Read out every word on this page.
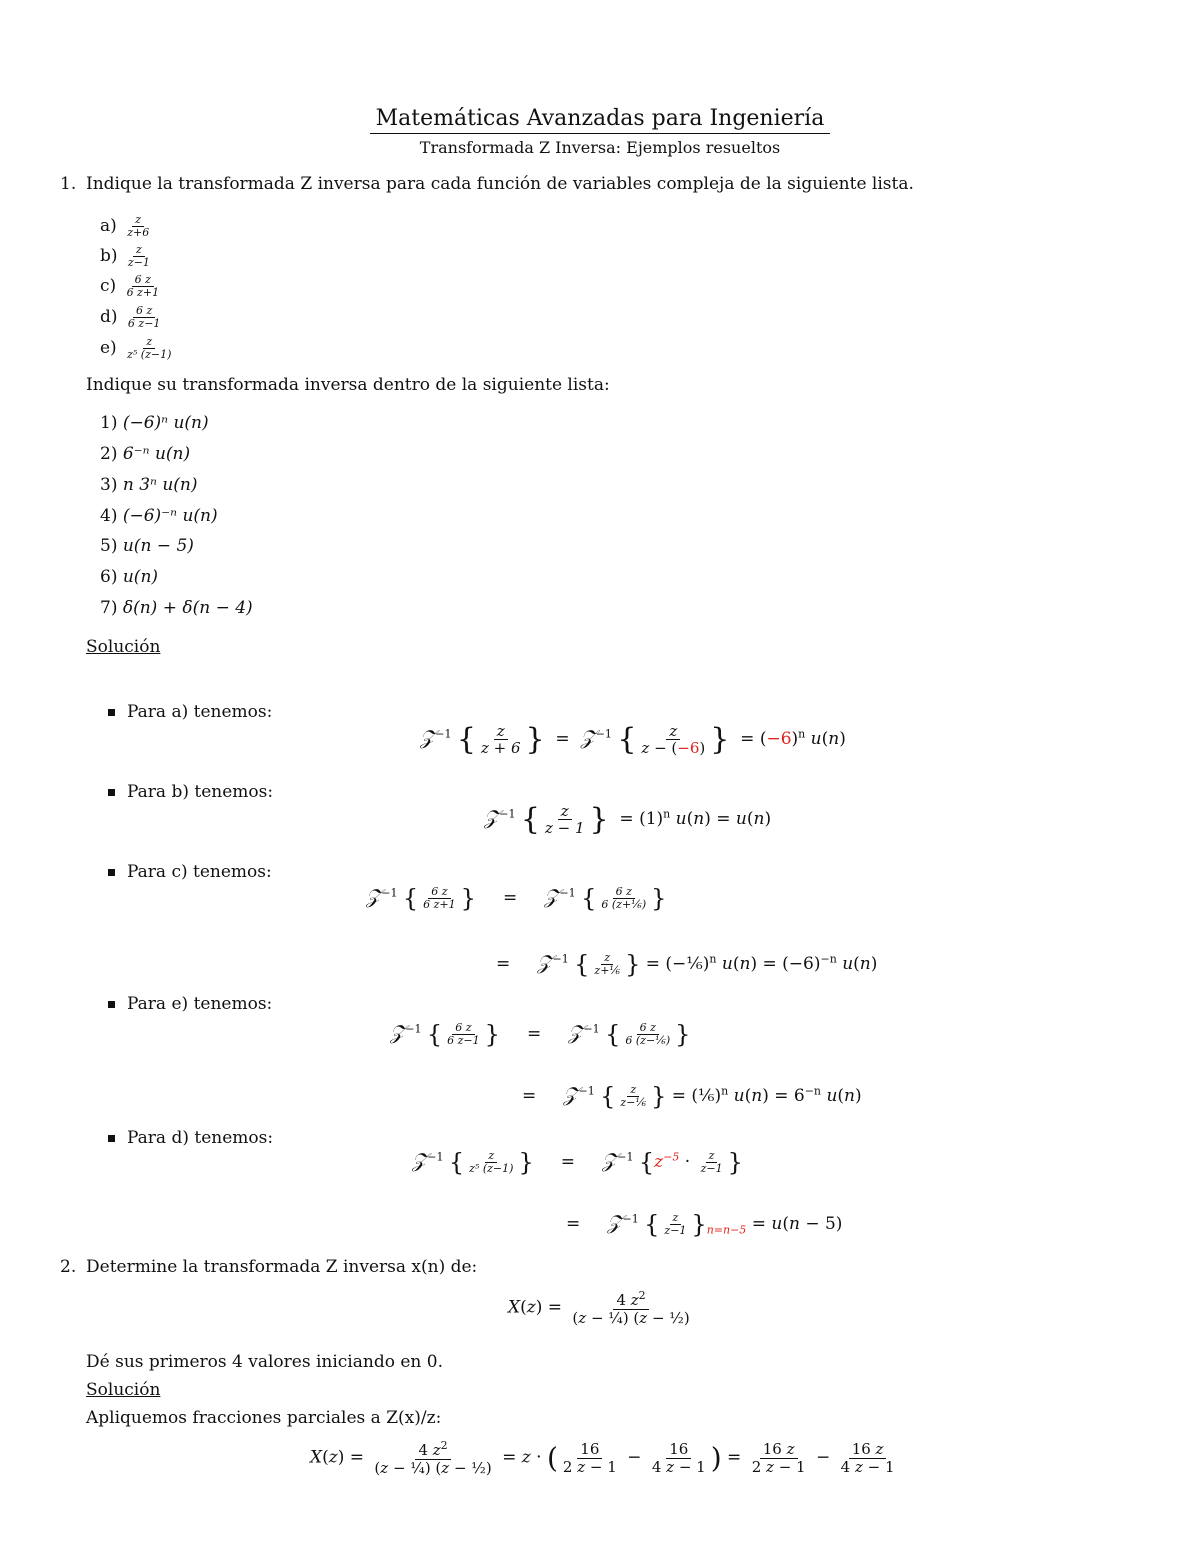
Matemáticas Avanzadas para Ingeniería
Transformada Z Inversa: Ejemplos resueltos
1. Indique la transformada Z inversa para cada función de variables compleja de la siguiente lista.
$a) \frac{z}{z+6}$
$b) \frac{z}{z-1}$
$c) \frac{6 z}{6 z+1}$
$d) \frac{6 z}{6 z-1}$
$e) \frac{z}{\text{z⁵ (z−1)}}$
Indique su transformada inversa dentro de la siguiente lista:
1) (−6)ⁿ u(n)
2) 6⁻ⁿ u(n)
3) n 3ⁿ u(n)
4) (−6)⁻ⁿ u(n)
5) u(n − 5)
6) u(n)
7) δ(n) + δ(n − 4)
Solución
Para a) tenemos:
𝒵$^{-1}$ { $\frac{z}{z + 6}$ }  =  𝒵$^{-1}$ { $\frac{z}{z - (-6)}$ }  = $(-6)^n$ u(n)
Para b) tenemos:
𝒵$^{-1}$ { $\frac{z}{z - 1}$ }  = $(1)^n$ u(n) = u(n)
Para c) tenemos:
𝒵$^{-1}$ { $\frac{6 z}{6 z+1}$ }     =     𝒵$^{-1}$ { $\frac{6 z}{\text{6 (z+⅙)}}$ }
=     𝒵$^{-1}$ { $\frac{z}{\text{z+⅙}}$ } = (−⅙)$^n$ $u(n) = (-6)^{-n}$ u(n)
Para e) tenemos:
𝒵$^{-1}$ { $\frac{6 z}{6 z-1}$ }     =     𝒵$^{-1}$ { $\frac{6 z}{\text{6 (z−⅙)}}$ }
=     𝒵$^{-1}$ { $\frac{z}{\text{z−⅙}}$ } = (⅙)$^n$ $u(n) = 6^{-n}$ u(n)
Para d) tenemos:
𝒵$^{-1}$ { $\frac{z}{\text{z⁵ (z−1)}}$ }     =     𝒵$^{-1}$ {$z^{-5} \cdot \frac{z}{z-1}$ }
=     𝒵$^{-1}$ { $\frac{z}{z-1} \}_{n=n-5} = u(n - 5)$
2. Determine la transformada Z inversa x(n) de:
$X(z) = \frac{4 z^2}{\text{(z − ¼) (z − ½)}}$
Dé sus primeros 4 valores iniciando en 0.
Solución
Apliquemos fracciones parciales a Z(x)/z:
$X(z) = \frac{4 z^2}{\text{(z − ¼) (z − ½)}} = z$ · ( $\frac{16}{2 z - 1} - \frac{16}{4 z - 1}$ ) = $\frac{16 z}{2 z - 1} - \frac{16 z}{4 z - 1}$
